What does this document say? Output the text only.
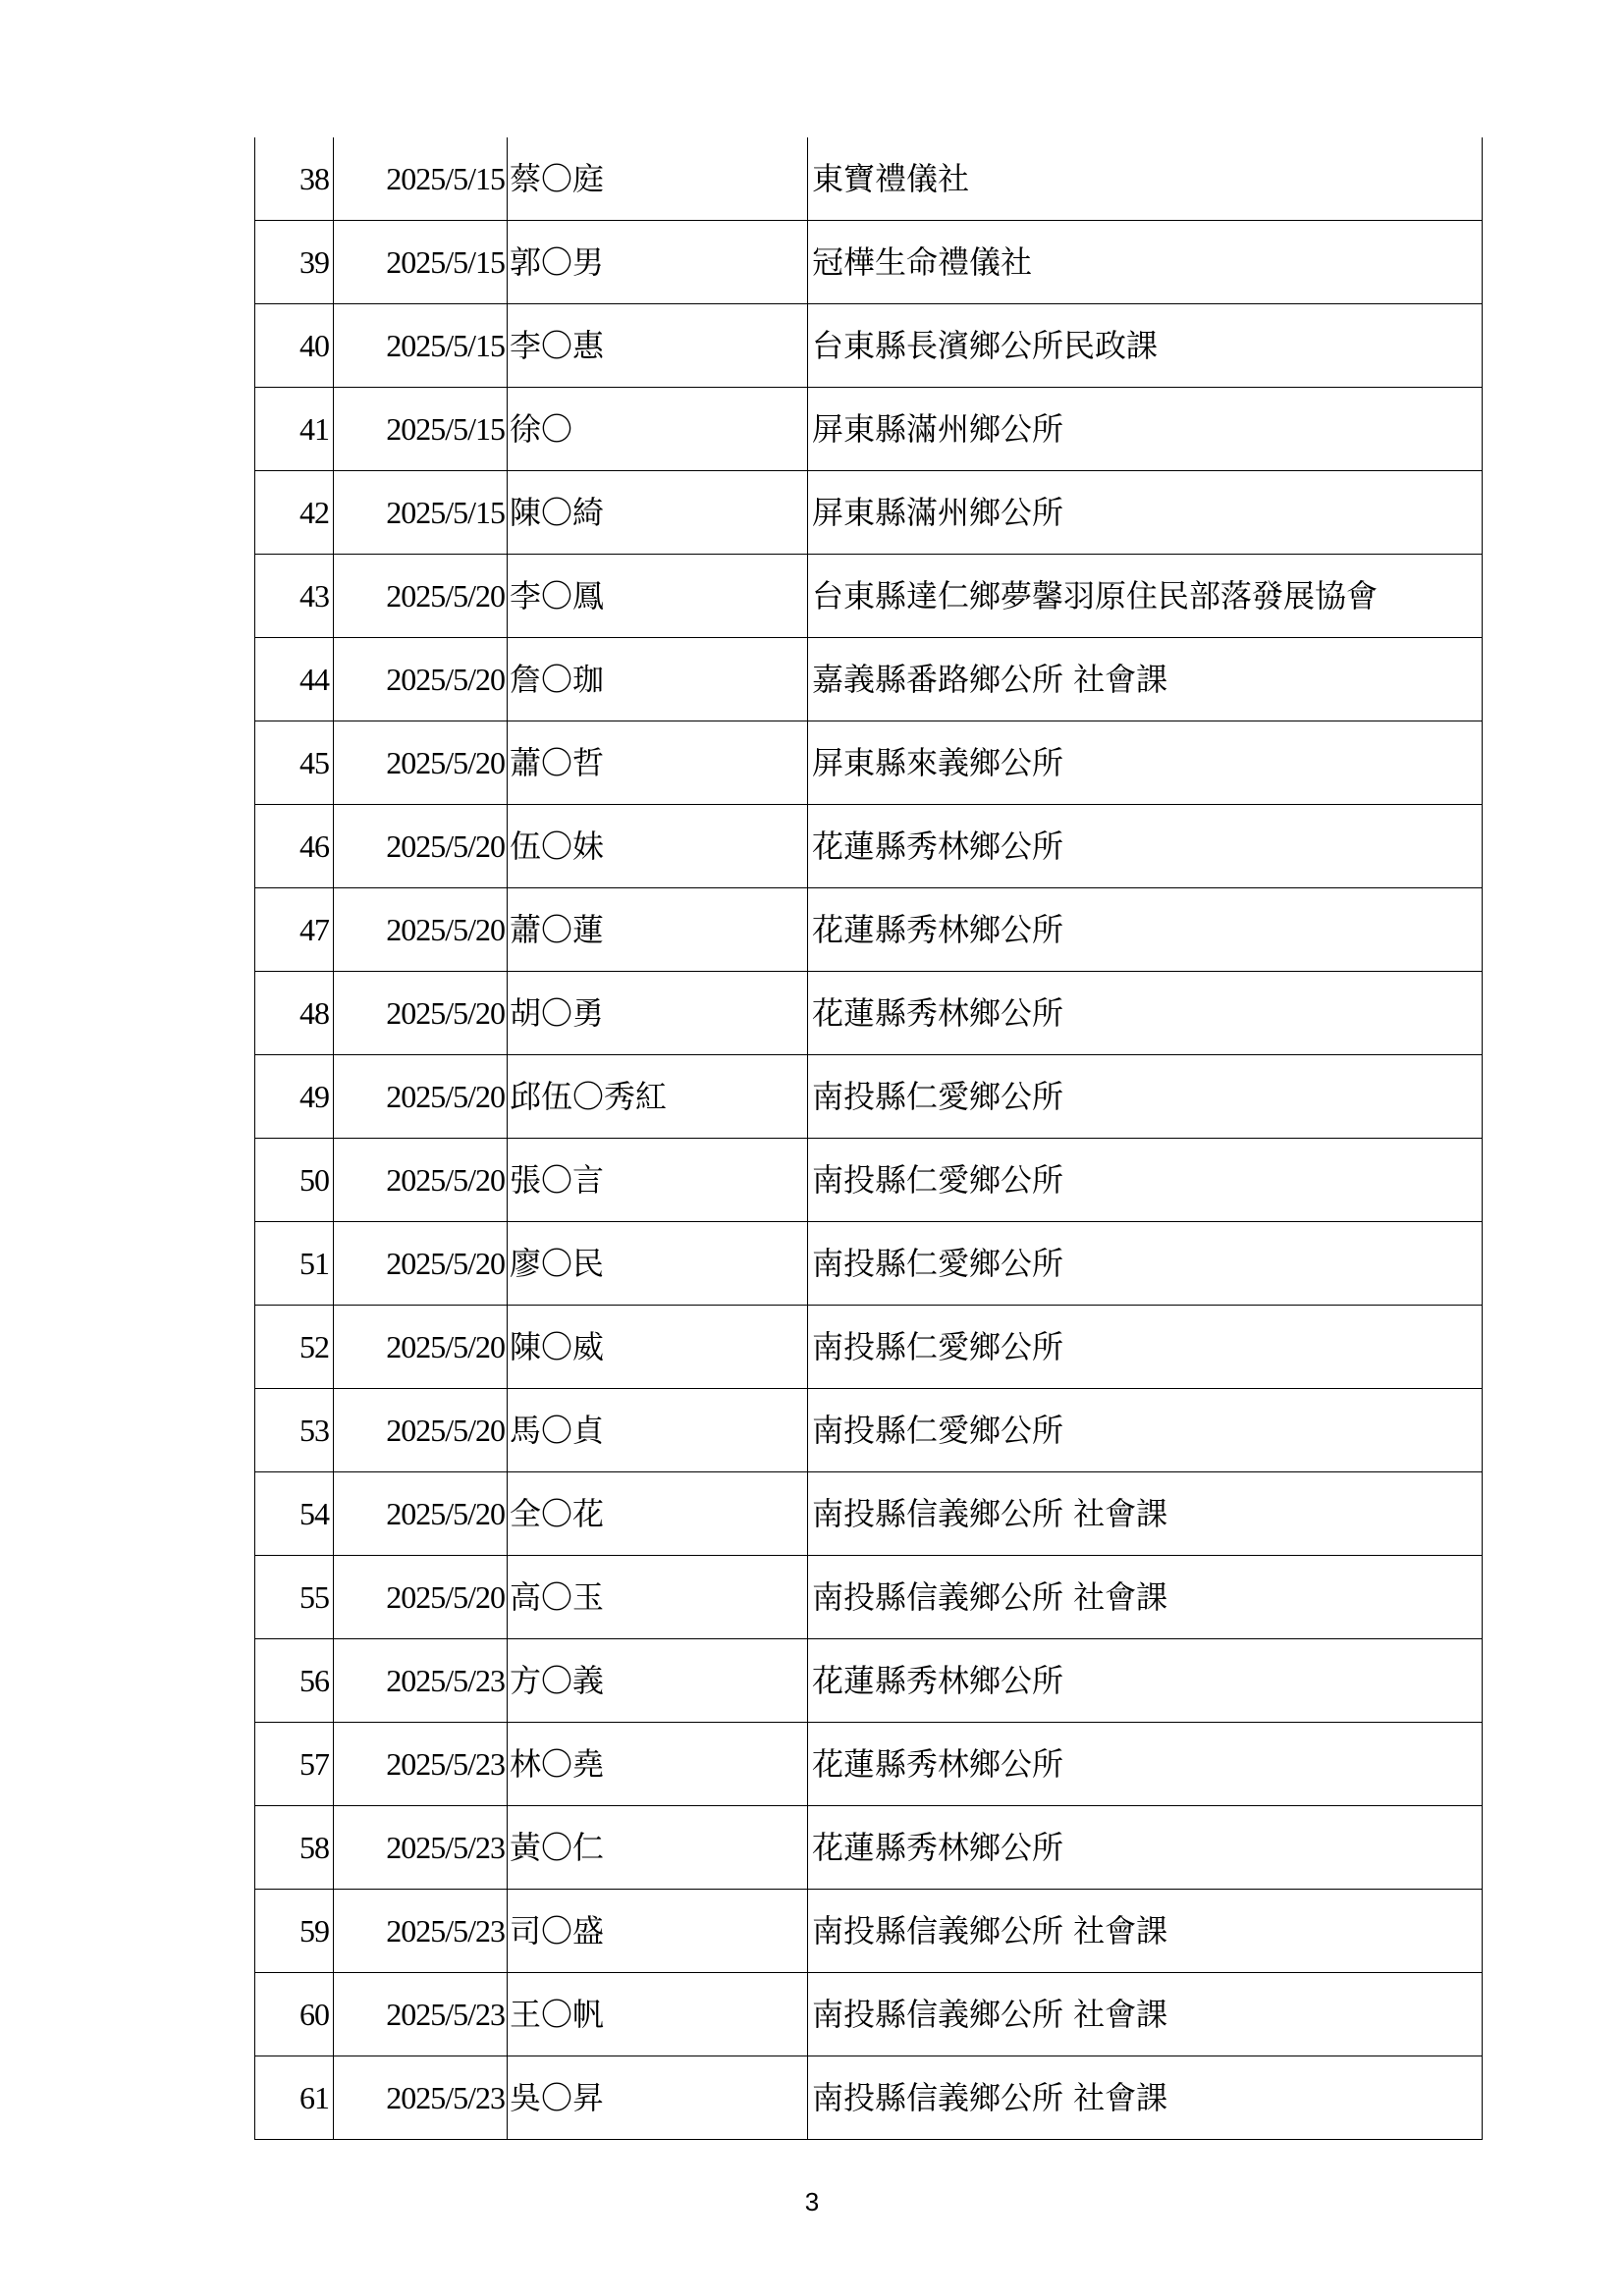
38	2025/5/15	蔡〇庭	東寶禮儀社
39	2025/5/15	郭〇男	冠樺生命禮儀社
40	2025/5/15	李〇惠	台東縣長濱鄉公所民政課
41	2025/5/15	徐〇	屏東縣滿州鄉公所
42	2025/5/15	陳〇綺	屏東縣滿州鄉公所
43	2025/5/20	李〇鳳	台東縣達仁鄉夢馨羽原住民部落發展協會
44	2025/5/20	詹〇珈	嘉義縣番路鄉公所 社會課
45	2025/5/20	蕭〇哲	屏東縣來義鄉公所
46	2025/5/20	伍〇妹	花蓮縣秀林鄉公所
47	2025/5/20	蕭〇蓮	花蓮縣秀林鄉公所
48	2025/5/20	胡〇勇	花蓮縣秀林鄉公所
49	2025/5/20	邱伍〇秀紅	南投縣仁愛鄉公所
50	2025/5/20	張〇言	南投縣仁愛鄉公所
51	2025/5/20	廖〇民	南投縣仁愛鄉公所
52	2025/5/20	陳〇威	南投縣仁愛鄉公所
53	2025/5/20	馬〇貞	南投縣仁愛鄉公所
54	2025/5/20	全〇花	南投縣信義鄉公所 社會課
55	2025/5/20	高〇玉	南投縣信義鄉公所 社會課
56	2025/5/23	方〇義	花蓮縣秀林鄉公所
57	2025/5/23	林〇堯	花蓮縣秀林鄉公所
58	2025/5/23	黃〇仁	花蓮縣秀林鄉公所
59	2025/5/23	司〇盛	南投縣信義鄉公所 社會課
60	2025/5/23	王〇帆	南投縣信義鄉公所 社會課
61	2025/5/23	吳〇昇	南投縣信義鄉公所 社會課
3
